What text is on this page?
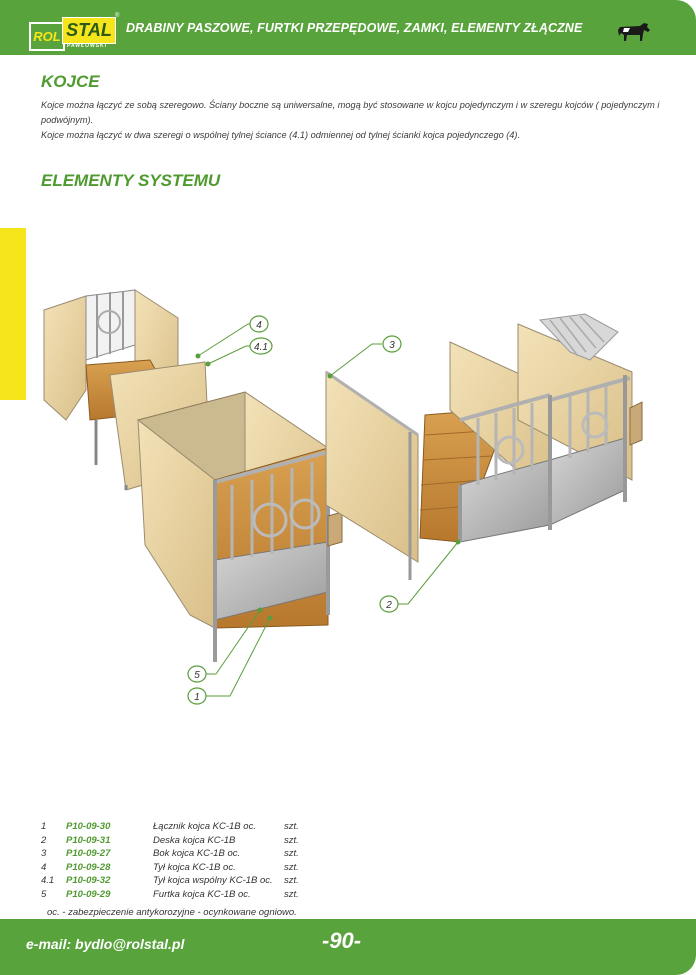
ROL STAL
PAWŁOWSKI
®
DRABINY PASZOWE, FURTKI PRZEPĘDOWE, ZAMKI, ELEMENTY ZŁĄCZNE
KOJCE

Kojce można łączyć ze sobą szeregowo. Ściany boczne są uniwersalne, mogą być stosowane w kojcu pojedynczym i w szeregu kojców ( pojedynczym i podwójnym).

Kojce można łączyć w dwa szeregi o wspólnej tylnej ściance (4.1) odmiennej od tylnej ścianki kojca pojedynczego (4).

ELEMENTY SYSTEMU
4
4.1	3
2
5
1
1 P10-09-30	Łącznik kojca KC-1B oc.	szt.
2 P10-09-31	Deska kojca KC-1B	szt.
3 P10-09-27	Bok kojca KC-1B oc.	szt.
4 P10-09-28	Tył kojca KC-1B oc.	szt.
4.1 P10-09-32	Tył kojca wspólny KC-1B oc. szt.
5 P10-09-29	Furtka kojca KC-1B oc.	szt.
oc. - zabezpieczenie antykorozyjne - ocynkowane ogniowo.
e-mail: bydlo@rolstal.pl	-90-
